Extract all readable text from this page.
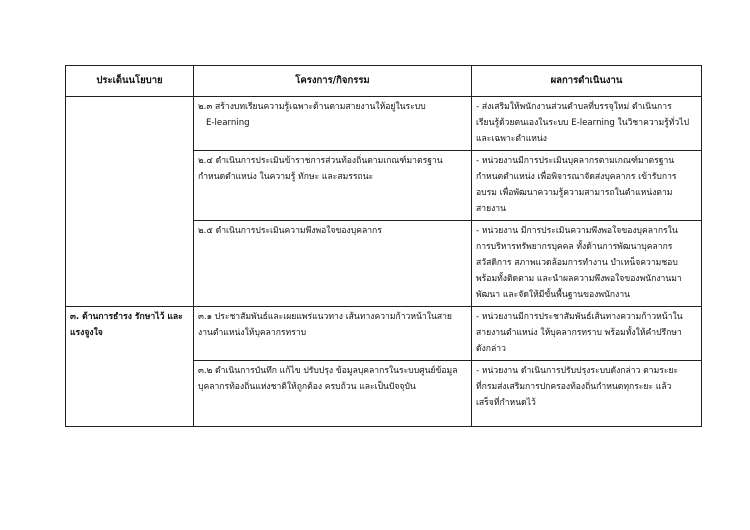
ประเด็นนโยบาย	โครงการ/กิจกรรม	ผลการดำเนินงาน

	๒.๓ สร้างบทเรียนความรู้เฉพาะด้านตามสายงานให้อยู่ในระบบ
E-learning	- ส่งเสริมให้พนักงานส่วนตำบลที่บรรจุใหม่ ดำเนินการ
เรียนรู้ด้วยตนเองในระบบ E-learning ในวิชาความรู้ทั่วไป
และเฉพาะตำแหน่ง

	๒.๔ ดำเนินการประเมินข้าราชการส่วนท้องถิ่นตามเกณฑ์มาตรฐาน
กำหนดตำแหน่ง ในความรู้ ทักษะ และสมรรถนะ	- หน่วยงานมีการประเมินบุคลากรตามเกณฑ์มาตรฐาน
กำหนดตำแหน่ง เพื่อพิจารณาจัดส่งบุคลากร เข้ารับการ
อบรม เพื่อพัฒนาความรู้ความสามารถในตำแหน่งตาม
สายงาน

	๒.๕ ดำเนินการประเมินความพึงพอใจของบุคลากร	- หน่วยงาน มีการประเมินความพึงพอใจของบุคลากรใน
การบริหารทรัพยากรบุคคล ทั้งด้านการพัฒนาบุคลากร
สวัสดิการ สภาพแวดล้อมการทำงาน บำเหน็จความชอบ
พร้อมทั้งติดตาม และนำผลความพึงพอใจของพนักงานมา
พัฒนา และจัดให้มีขั้นพื้นฐานของพนักงาน

๓. ด้านการธำรง รักษาไว้ และ
แรงจูงใจ	๓.๑ ประชาสัมพันธ์และเผยแพร่แนวทาง เส้นทางความก้าวหน้าในสาย
งานตำแหน่งให้บุคลากรทราบ	- หน่วยงานมีการประชาสัมพันธ์เส้นทางความก้าวหน้าใน
สายงานตำแหน่ง ให้บุคลากรทราบ พร้อมทั้งให้คำปรึกษา
ดังกล่าว

	๓.๒ ดำเนินการบันทึก แก้ไข ปรับปรุง ข้อมูลบุคลากรในระบบศูนย์ข้อมูล
บุคลากรท้องถิ่นแห่งชาติให้ถูกต้อง ครบถ้วน และเป็นปัจจุบัน	- หน่วยงาน ดำเนินการปรับปรุงระบบดังกล่าว ตามระยะ
ที่กรมส่งเสริมการปกครองท้องถิ่นกำหนดทุกระยะ แล้ว
เสร็จที่กำหนดไว้
